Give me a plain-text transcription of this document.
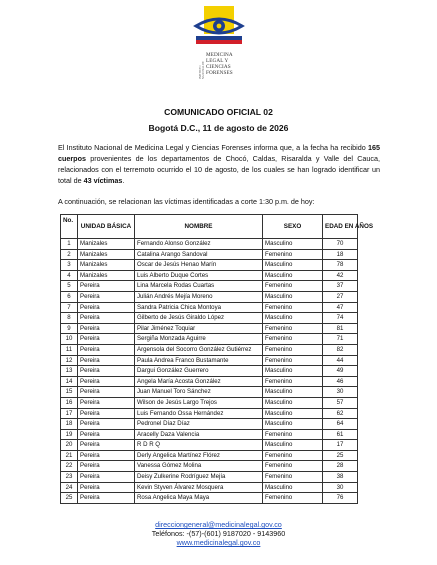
INSTITUTO NACIONAL DE
MEDICINA
LEGAL Y
CIENCIAS
FORENSES
COMUNICADO OFICIAL 02
Bogotá D.C., 11 de agosto de 2026
El Instituto Nacional de Medicina Legal y Ciencias Forenses informa que, a la fecha ha recibido 165 cuerpos provenientes de los departamentos de Chocó, Caldas, Risaralda y Valle del Cauca, relacionados con el terremoto ocurrido el 10 de agosto, de los cuales se han logrado identificar un total de 43 víctimas.
A continuación, se relacionan las víctimas identificadas a corte 1:30 p.m. de hoy:
No.	UNIDAD BÁSICA	NOMBRE	SEXO	EDAD EN AÑOS
1	Manizales	Fernando Alonso González	Masculino	70
2	Manizales	Catalina Arango Sandoval	Femenino	18
3	Manizales	Oscar de Jesús Henao Marín	Masculino	78
4	Manizales	Luis Alberto Duque Cortes	Masculino	42
5	Pereira	Lina Marcela Rodas Cuartas	Femenino	37
6	Pereira	Julián Andrés Mejía Moreno	Masculino	27
7	Pereira	Sandra Patricia Chica Montoya	Femenino	47
8	Pereira	Gilberto de Jesús Giraldo López	Masculino	74
9	Pereira	Pilar Jiménez Toquiar	Femenino	81
10	Pereira	Sergiña Monzada Aguirre	Femenino	71
11	Pereira	Argensola del Socorro González Gutiérrez	Femenino	82
12	Pereira	Paula Andrea Franco Bustamante	Femenino	44
13	Pereira	Dargui González Guerrero	Masculino	49
14	Pereira	Angela María Acosta González	Femenino	46
15	Pereira	Juan Manuel Toro Sánchez	Masculino	30
16	Pereira	Wilson de Jesús Largo Trejos	Masculino	57
17	Pereira	Luis Fernando Ossa Hernández	Masculino	62
18	Pereira	Pedronel Díaz Díaz	Masculino	64
19	Pereira	Aracelly Daza Valencia	Femenino	61
20	Pereira	R D R Q	Masculino	17
21	Pereira	Derly Angelica Martínez Flórez	Femenino	25
22	Pereira	Vanessa Gómez Molina	Femenino	28
23	Pereira	Deisy Zulkerine Rodríguez Mejía	Femenino	38
24	Pereira	Kevin Styven Álvarez Mosquera	Masculino	30
25	Pereira	Rosa Angelica Maya Maya	Femenino	76
direcciongeneral@medicinalegal.gov.co
Teléfonos: -(57)-(601) 9187020 - 9143960
www.medicinalegal.gov.co
